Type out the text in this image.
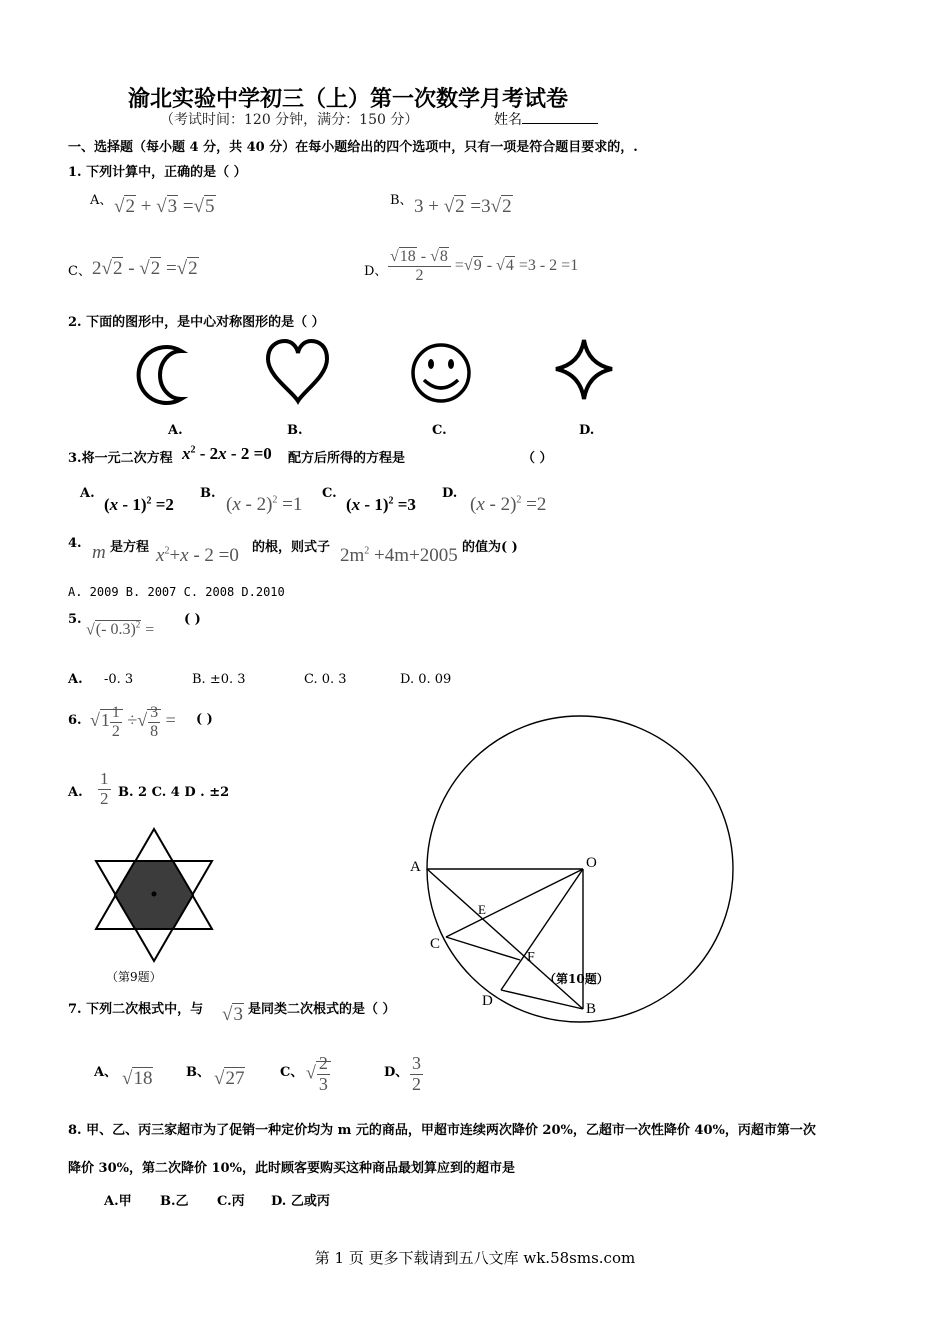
渝北实验中学初三（上）第一次数学月考试卷
（考试时间：120 分钟，满分：150 分）	姓名
一、选择题（每小题 4 分，共 40 分）在每小题给出的四个选项中，只有一项是符合题目要求的，.
1. 下列计算中，正确的是（ ）
A、 √2 + √3 =√5	B、 3 + √2 =3√2
C、 2√2 - √2 =√2	D、 $\frac{√18 - √8}{2} =√9 - √4 =3 - 2 =1$
2. 下面的图形中，是中心对称图形的是（ ）
A.	B.	C.	D.
3.将一元二次方程 $x^2 - 2x - 2 =0$ 配方后所得的方程是	（ ）
A.
(x - 1)$^2$ =2
B.
(x - 2)$^2$ =1
C.
(x - 1)$^2$ =3
D.
(x - 2)$^2$ =2
4. m 是方程 $x^2+x - 2 =0$ 的根，则式子 $2m^2 +4m+2005$ 的值为( )
A. 2009 B. 2007 C. 2008 D.2010
5.
√(- 0.3)$^2$ =
( )
A. -0. 3	B. ±0. 3	C. 0. 3	D. 0. 09
6. $√1 \frac{1}{2}$ ÷√ $\frac{3}{8}$ = ( )
A. $\frac{1}{2} B$. 2 C. 4 D . ±2
（第9题）
A	O
E
C
F
D	B
（第10题）
7. 下列二次根式中，与 √3 是同类二次根式的是（ ）
A、 √18	B、 √27	C、 √ $\frac{2}{3}$	D、 $\frac{3}{2}$
8. 甲、乙、丙三家超市为了促销一种定价均为 m 元的商品，甲超市连续两次降价 20%，乙超市一次性降价 40%，丙超市第一次
降价 30%，第二次降价 10%，此时顾客要购买这种商品最划算应到的超市是
A.甲 B.乙 C.丙 D. 乙或丙
第 1 页 更多下载请到五八文库 wk.58sms.com
